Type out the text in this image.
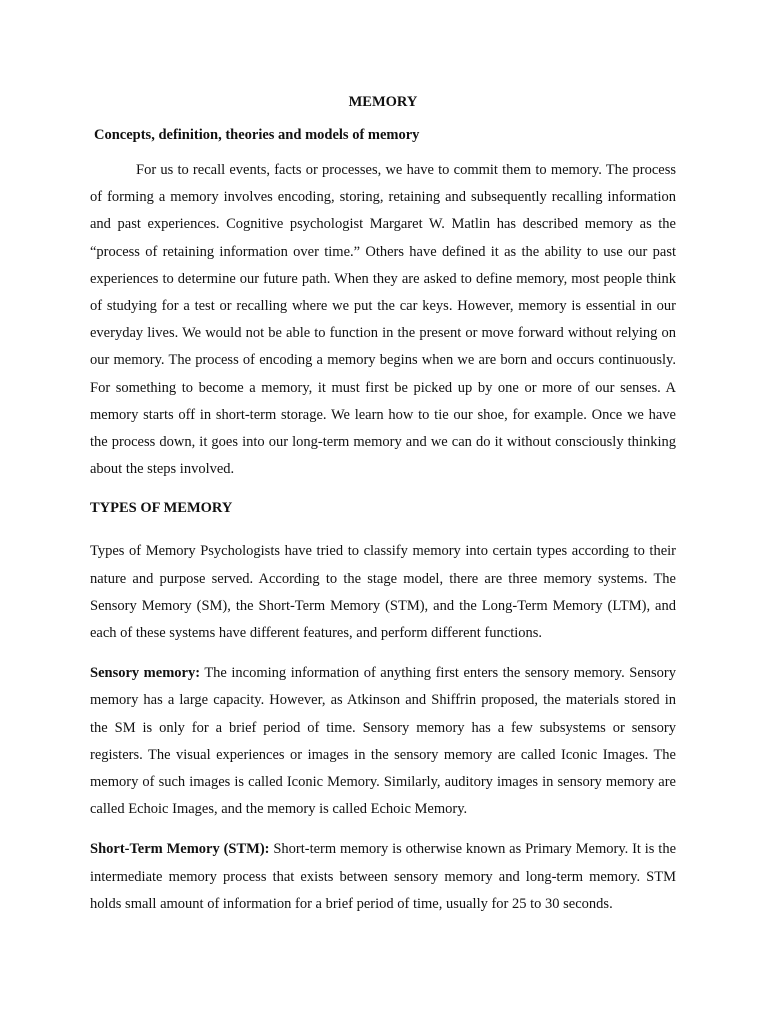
MEMORY
Concepts, definition, theories and models of memory

For us to recall events, facts or processes, we have to commit them to memory. The process of forming a memory involves encoding, storing, retaining and subsequently recalling information and past experiences. Cognitive psychologist Margaret W. Matlin has described memory as the “process of retaining information over time.” Others have defined it as the ability to use our past experiences to determine our future path. When they are asked to define memory, most people think of studying for a test or recalling where we put the car keys. However, memory is essential in our everyday lives. We would not be able to function in the present or move forward without relying on our memory. The process of encoding a memory begins when we are born and occurs continuously. For something to become a memory, it must first be picked up by one or more of our senses. A memory starts off in short-term storage. We learn how to tie our shoe, for example. Once we have the process down, it goes into our long-term memory and we can do it without consciously thinking about the steps involved.

TYPES OF MEMORY

Types of Memory Psychologists have tried to classify memory into certain types according to their nature and purpose served. According to the stage model, there are three memory systems. The Sensory Memory (SM), the Short-Term Memory (STM), and the Long-Term Memory (LTM), and each of these systems have different features, and perform different functions.

Sensory memory: The incoming information of anything first enters the sensory memory. Sensory memory has a large capacity. However, as Atkinson and Shiffrin proposed, the materials stored in the SM is only for a brief period of time. Sensory memory has a few subsystems or sensory registers. The visual experiences or images in the sensory memory are called Iconic Images. The memory of such images is called Iconic Memory. Similarly, auditory images in sensory memory are called Echoic Images, and the memory is called Echoic Memory.

Short-Term Memory (STM): Short-term memory is otherwise known as Primary Memory. It is the intermediate memory process that exists between sensory memory and long-term memory. STM holds small amount of information for a brief period of time, usually for 25 to 30 seconds.
